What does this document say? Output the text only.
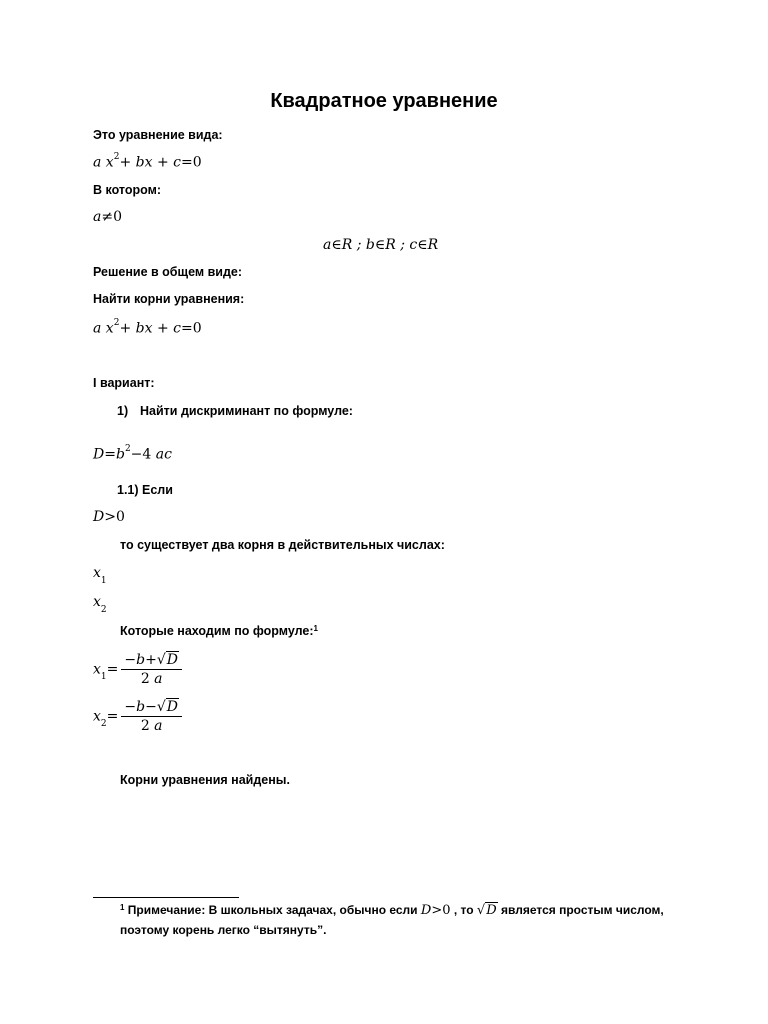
Квадратное уравнение
Это уравнение вида:
a $x^2+$ bx + c=0
В котором:
a≠0
a∈R ; b∈R ; c∈R
Решение в общем виде:
Найти корни уравнения:
a $x^2+$ bx + c=0
I вариант:
1) Найти дискриминант по формуле:
$D=b^2-4$ ac
1.1) Если
D>0
то существует два корня в действительных числах:
$x_1$
$x_2$
Которые находим по формуле:$^1$
$x_1= \frac{-b+√D}{2 a}$
$x_2= \frac{-b-√D}{2 a}$
Корни уравнения найдены.
$^1$ Примечание: В школьных задачах, обычно если D>0 , то √D является простым числом,
поэтому корень легко “вытянуть”.
